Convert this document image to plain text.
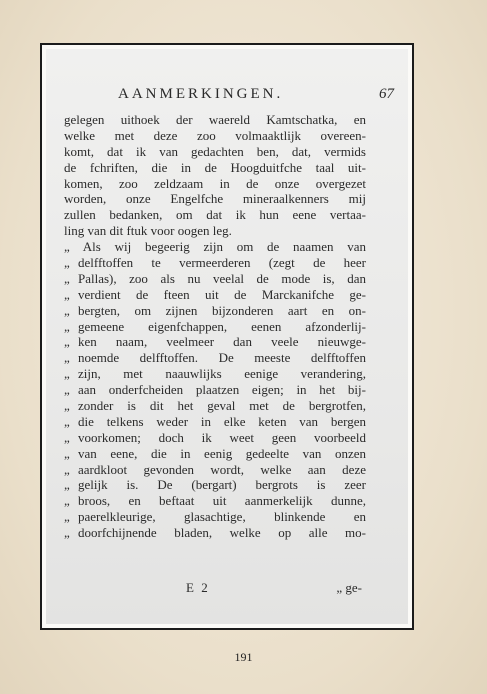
AANMERKINGEN.	67
gelegen uithoek der waereld Kamtschatka, en
welke met deze zoo volmaaktlijk overeen-
komt, dat ik van gedachten ben, dat, vermids
de fchriften, die in de Hoogduitfche taal uit-
komen, zoo zeldzaam in de onze overgezet
worden, onze Engelfche mineraalkenners mij
zullen bedanken, om dat ik hun eene vertaa-
ling van dit ftuk voor oogen leg.
„ Als wij begeerig zijn om de naamen van
„ delfftoffen te vermeerderen (zegt de heer
„ Pallas), zoo als nu veelal de mode is, dan
„ verdient de fteen uit de Marckanifche ge-
„ bergten, om zijnen bijzonderen aart en on-
„ gemeene eigenfchappen, eenen afzonderlij-
„ ken naam, veelmeer dan veele nieuwge-
„ noemde delfftoffen. De meeste delfftoffen
„ zijn, met naauwlijks eenige verandering,
„ aan onderfcheiden plaatzen eigen; in het bij-
„ zonder is dit het geval met de bergrotfen,
„ die telkens weder in elke keten van bergen
„ voorkomen; doch ik weet geen voorbeeld
„ van eene, die in eenig gedeelte van onzen
„ aardkloot gevonden wordt, welke aan deze
„ gelijk is. De (bergart) bergrots is zeer
„ broos, en beftaat uit aanmerkelijk dunne,
„ paerelkleurige, glasachtige, blinkende en
„ doorfchijnende bladen, welke op alle mo-
E 2	„ ge-
191
